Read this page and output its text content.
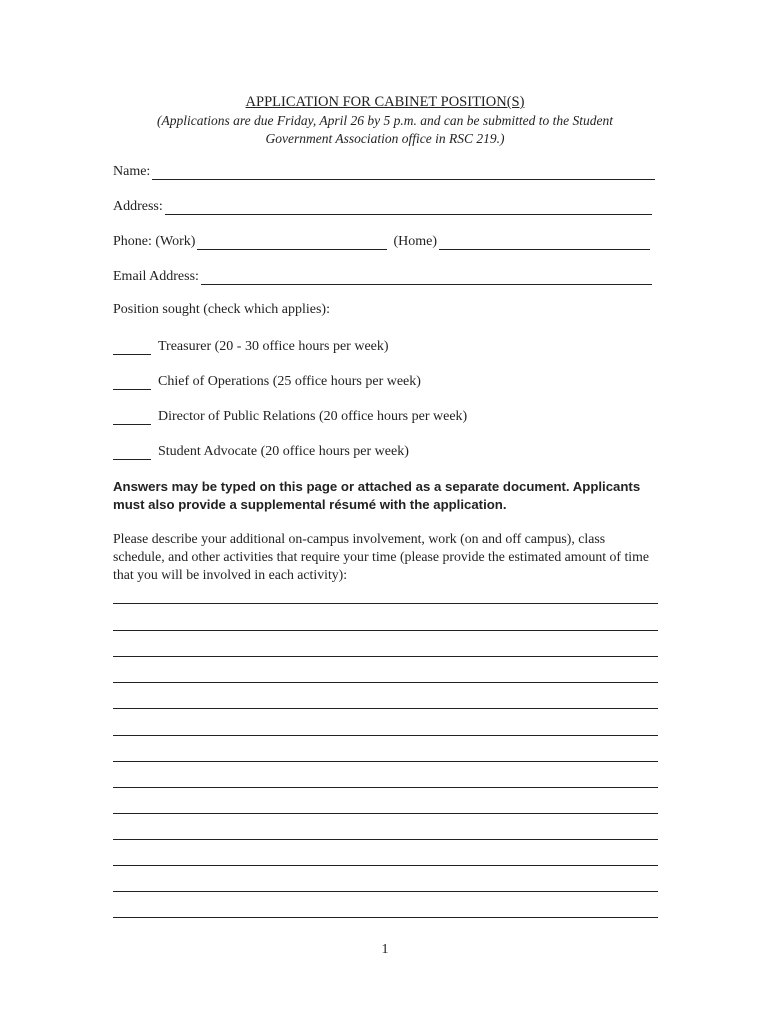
APPLICATION FOR CABINET POSITION(S)
(Applications are due Friday, April 26 by 5 p.m. and can be submitted to the Student Government Association office in RSC 219.)
Name:
Address:
Phone: (Work)	(Home)
Email Address:
Position sought (check which applies):
Treasurer (20 - 30 office hours per week)
Chief of Operations (25 office hours per week)
Director of Public Relations (20 office hours per week)
Student Advocate (20 office hours per week)
Answers may be typed on this page or attached as a separate document. Applicants must also provide a supplemental résumé with the application.
Please describe your additional on-campus involvement, work (on and off campus), class schedule, and other activities that require your time (please provide the estimated amount of time that you will be involved in each activity):
1
